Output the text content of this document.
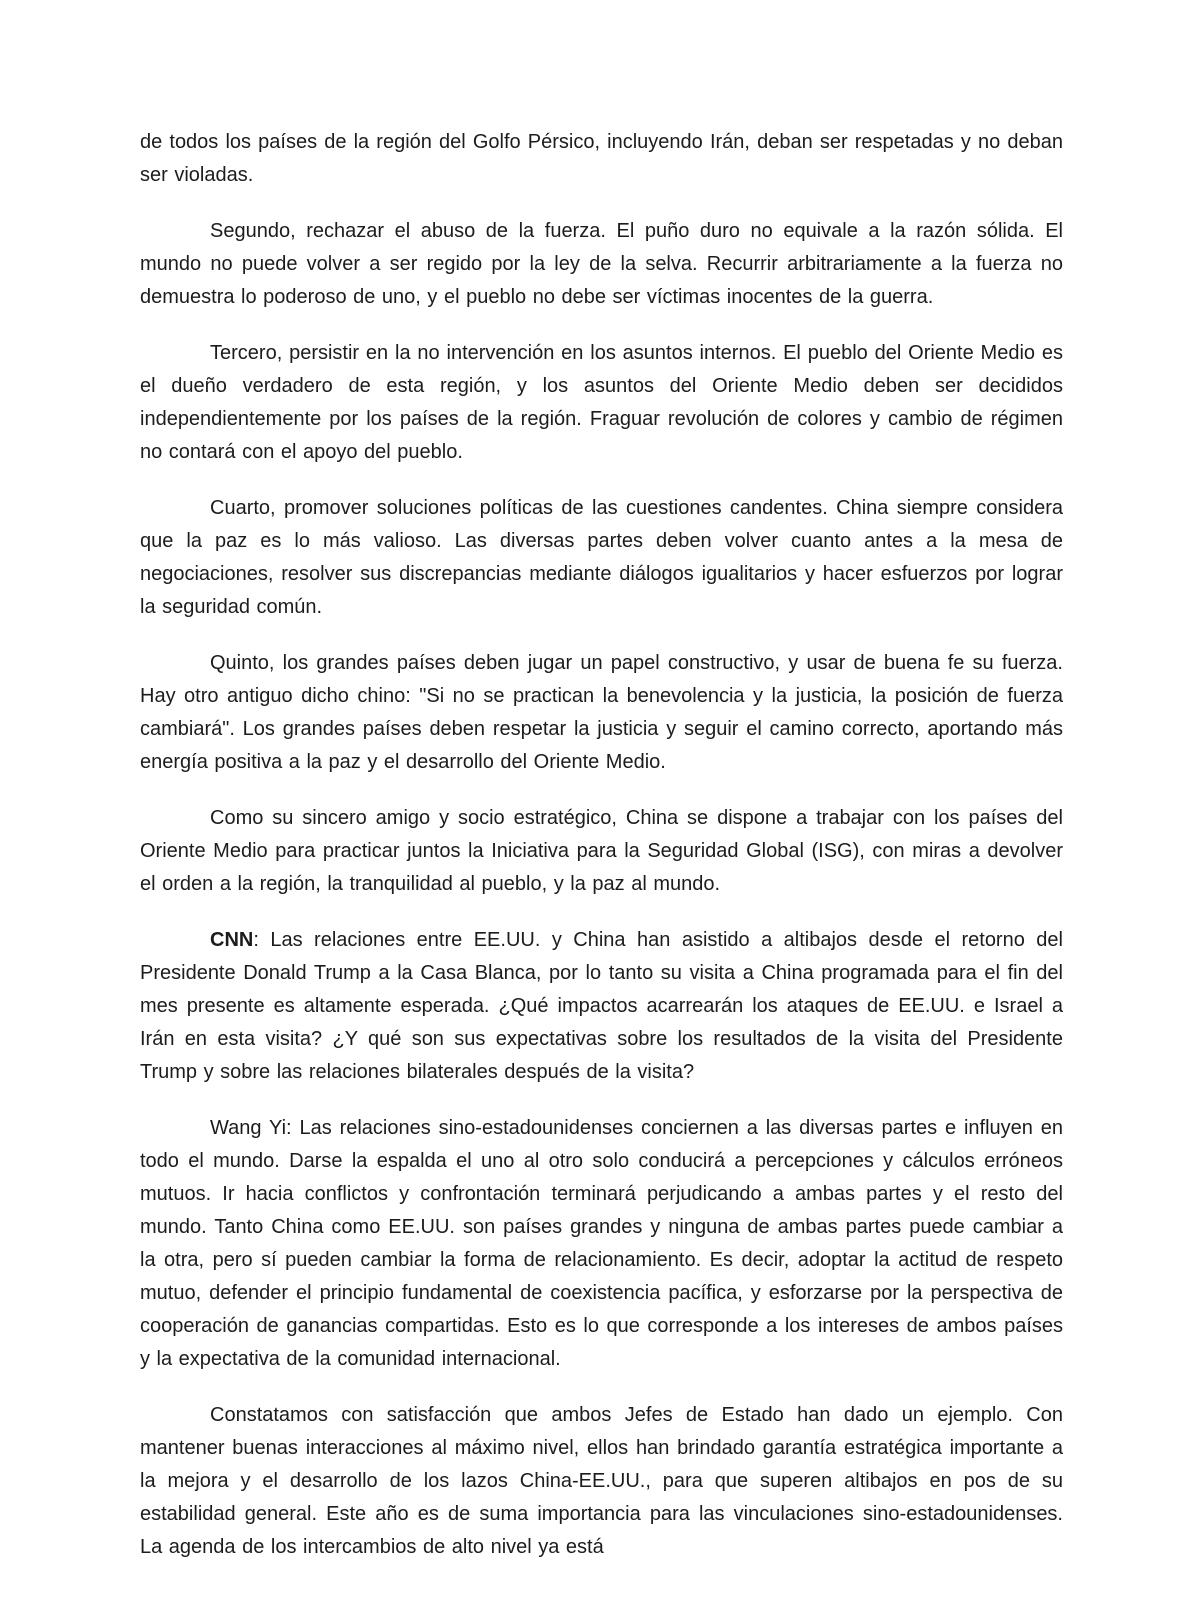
de todos los países de la región del Golfo Pérsico, incluyendo Irán, deban ser respetadas y no deban ser violadas.

Segundo, rechazar el abuso de la fuerza. El puño duro no equivale a la razón sólida. El mundo no puede volver a ser regido por la ley de la selva. Recurrir arbitrariamente a la fuerza no demuestra lo poderoso de uno, y el pueblo no debe ser víctimas inocentes de la guerra.

Tercero, persistir en la no intervención en los asuntos internos. El pueblo del Oriente Medio es el dueño verdadero de esta región, y los asuntos del Oriente Medio deben ser decididos independientemente por los países de la región. Fraguar revolución de colores y cambio de régimen no contará con el apoyo del pueblo.

Cuarto, promover soluciones políticas de las cuestiones candentes. China siempre considera que la paz es lo más valioso. Las diversas partes deben volver cuanto antes a la mesa de negociaciones, resolver sus discrepancias mediante diálogos igualitarios y hacer esfuerzos por lograr la seguridad común.

Quinto, los grandes países deben jugar un papel constructivo, y usar de buena fe su fuerza. Hay otro antiguo dicho chino: "Si no se practican la benevolencia y la justicia, la posición de fuerza cambiará". Los grandes países deben respetar la justicia y seguir el camino correcto, aportando más energía positiva a la paz y el desarrollo del Oriente Medio.

Como su sincero amigo y socio estratégico, China se dispone a trabajar con los países del Oriente Medio para practicar juntos la Iniciativa para la Seguridad Global (ISG), con miras a devolver el orden a la región, la tranquilidad al pueblo, y la paz al mundo.

CNN: Las relaciones entre EE.UU. y China han asistido a altibajos desde el retorno del Presidente Donald Trump a la Casa Blanca, por lo tanto su visita a China programada para el fin del mes presente es altamente esperada. ¿Qué impactos acarrearán los ataques de EE.UU. e Israel a Irán en esta visita? ¿Y qué son sus expectativas sobre los resultados de la visita del Presidente Trump y sobre las relaciones bilaterales después de la visita?

Wang Yi: Las relaciones sino-estadounidenses conciernen a las diversas partes e influyen en todo el mundo. Darse la espalda el uno al otro solo conducirá a percepciones y cálculos erróneos mutuos. Ir hacia conflictos y confrontación terminará perjudicando a ambas partes y el resto del mundo. Tanto China como EE.UU. son países grandes y ninguna de ambas partes puede cambiar a la otra, pero sí pueden cambiar la forma de relacionamiento. Es decir, adoptar la actitud de respeto mutuo, defender el principio fundamental de coexistencia pacífica, y esforzarse por la perspectiva de cooperación de ganancias compartidas. Esto es lo que corresponde a los intereses de ambos países y la expectativa de la comunidad internacional.

Constatamos con satisfacción que ambos Jefes de Estado han dado un ejemplo. Con mantener buenas interacciones al máximo nivel, ellos han brindado garantía estratégica importante a la mejora y el desarrollo de los lazos China-EE.UU., para que superen altibajos en pos de su estabilidad general. Este año es de suma importancia para las vinculaciones sino-estadounidenses. La agenda de los intercambios de alto nivel ya está
